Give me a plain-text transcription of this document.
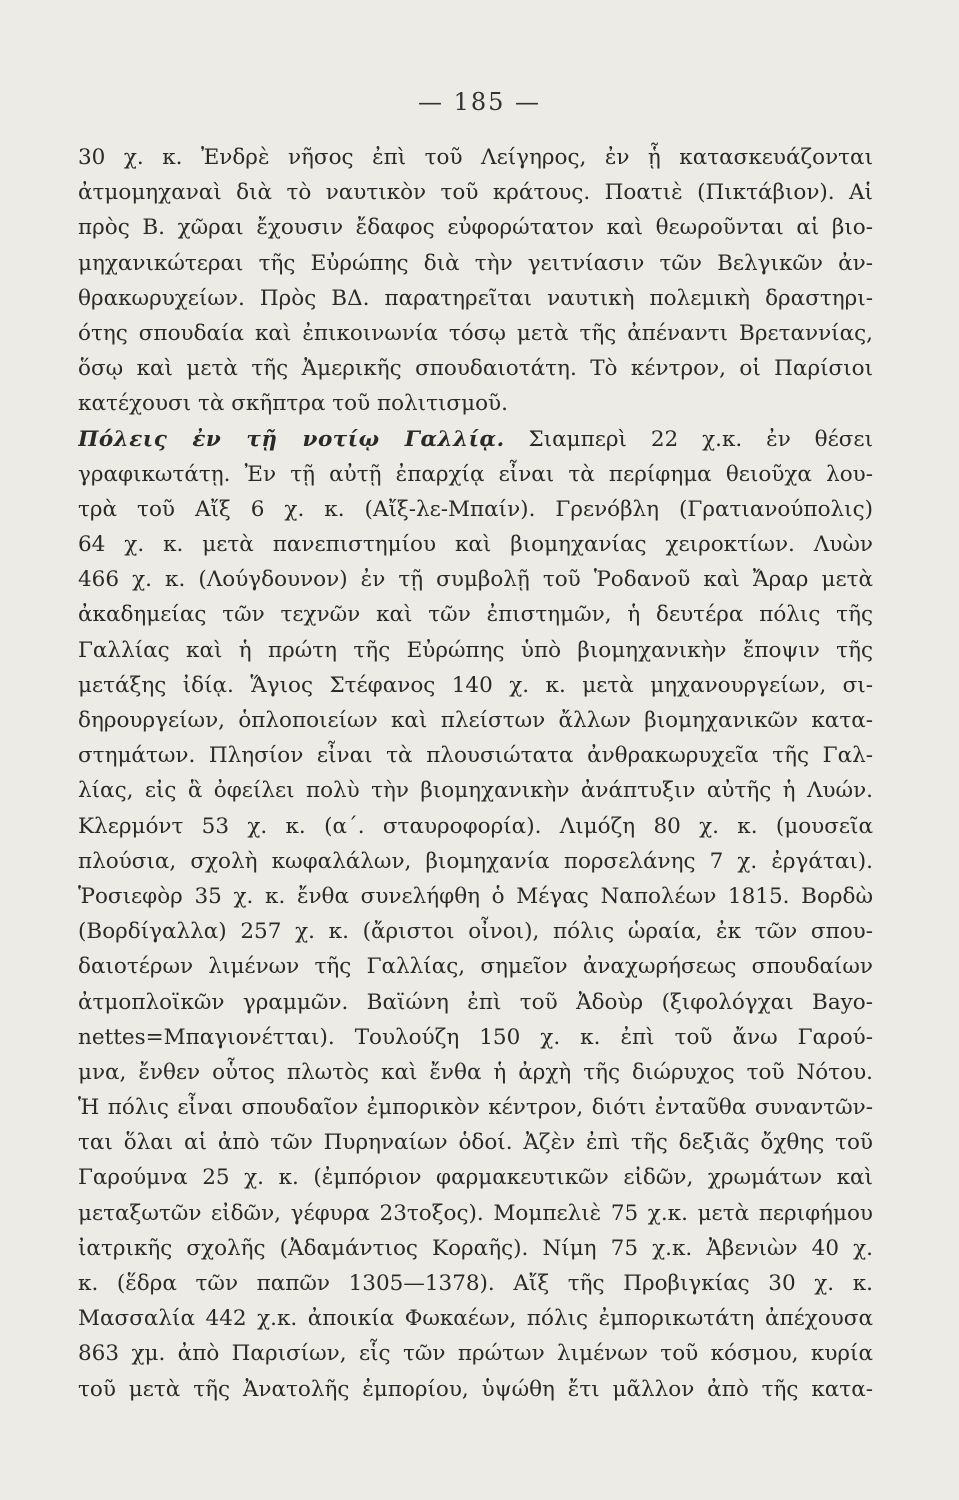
— 185 —
30 χ. κ. Ἐνδρὲ νῆσος ἐπὶ τοῦ Λείγηρος, ἐν ᾗ κατασκευάζονται
ἀτμομηχαναὶ διὰ τὸ ναυτικὸν τοῦ κράτους. Ποατιὲ (Πικτάβιον). Αἱ
πρὸς Β. χῶραι ἔχουσιν ἔδαφος εὐφορώτατον καὶ θεωροῦνται αἱ βιο-
μηχανικώτεραι τῆς Εὐρώπης διὰ τὴν γειτνίασιν τῶν Βελγικῶν ἀν-
θρακωρυχείων. Πρὸς ΒΔ. παρατηρεῖται ναυτικὴ πολεμικὴ δραστηρι-
ότης σπουδαία καὶ ἐπικοινωνία τόσῳ μετὰ τῆς ἀπέναντι Βρεταννίας,
ὅσῳ καὶ μετὰ τῆς Ἀμερικῆς σπουδαιοτάτη. Τὸ κέντρον, οἱ Παρίσιοι
κατέχουσι τὰ σκῆπτρα τοῦ πολιτισμοῦ.
Πόλεις ἐν τῇ νοτίῳ Γαλλίᾳ. Σιαμπερὶ 22 χ.κ. ἐν θέσει
γραφικωτάτῃ. Ἐν τῇ αὐτῇ ἐπαρχίᾳ εἶναι τὰ περίφημα θειοῦχα λου-
τρὰ τοῦ Αἴξ 6 χ. κ. (Αἴξ-λε-Μπαίν). Γρενόβλη (Γρατιανούπολις)
64 χ. κ. μετὰ πανεπιστημίου καὶ βιομηχανίας χειροκτίων. Λυὼν
466 χ. κ. (Λούγδουνον) ἐν τῇ συμβολῇ τοῦ Ῥοδανοῦ καὶ Ἄραρ μετὰ
ἀκαδημείας τῶν τεχνῶν καὶ τῶν ἐπιστημῶν, ἡ δευτέρα πόλις τῆς
Γαλλίας καὶ ἡ πρώτη τῆς Εὐρώπης ὑπὸ βιομηχανικὴν ἔποψιν τῆς
μετάξης ἰδίᾳ. Ἅγιος Στέφανος 140 χ. κ. μετὰ μηχανουργείων, σι-
δηρουργείων, ὁπλοποιείων καὶ πλείστων ἄλλων βιομηχανικῶν κατα-
στημάτων. Πλησίον εἶναι τὰ πλουσιώτατα ἀνθρακωρυχεῖα τῆς Γαλ-
λίας, εἰς ἃ ὀφείλει πολὺ τὴν βιομηχανικὴν ἀνάπτυξιν αὐτῆς ἡ Λυών.
Κλερμόντ 53 χ. κ. (α΄. σταυροφορία). Λιμόζη 80 χ. κ. (μουσεῖα
πλούσια, σχολὴ κωφαλάλων, βιομηχανία πορσελάνης 7 χ. ἐργάται).
Ῥοσιεφὸρ 35 χ. κ. ἔνθα συνελήφθη ὁ Μέγας Ναπολέων 1815. Βορδὼ
(Βορδίγαλλα) 257 χ. κ. (ἄριστοι οἶνοι), πόλις ὡραία, ἐκ τῶν σπου-
δαιοτέρων λιμένων τῆς Γαλλίας, σημεῖον ἀναχωρήσεως σπουδαίων
ἀτμοπλοϊκῶν γραμμῶν. Βαϊώνη ἐπὶ τοῦ Ἀδοὺρ (ξιφολόγχαι Bayo-
nettes=Μπαγιονέτται). Τουλούζη 150 χ. κ. ἐπὶ τοῦ ἄνω Γαρού-
μνα, ἔνθεν οὗτος πλωτὸς καὶ ἔνθα ἡ ἀρχὴ τῆς διώρυχος τοῦ Νότου.
Ἡ πόλις εἶναι σπουδαῖον ἐμπορικὸν κέντρον, διότι ἐνταῦθα συναντῶν-
ται ὅλαι αἱ ἀπὸ τῶν Πυρηναίων ὁδοί. Ἀζὲν ἐπὶ τῆς δεξιᾶς ὄχθης τοῦ
Γαρούμνα 25 χ. κ. (ἐμπόριον φαρμακευτικῶν εἰδῶν, χρωμάτων καὶ
μεταξωτῶν εἰδῶν, γέφυρα 23τοξος). Μομπελιὲ 75 χ.κ. μετὰ περιφήμου
ἰατρικῆς σχολῆς (Ἀδαμάντιος Κοραῆς). Νίμη 75 χ.κ. Ἀβενιὼν 40 χ.
κ. (ἕδρα τῶν παπῶν 1305—1378). Αἴξ τῆς Προβιγκίας 30 χ. κ.
Μασσαλία 442 χ.κ. ἀποικία Φωκαέων, πόλις ἐμπορικωτάτη ἀπέχουσα
863 χμ. ἀπὸ Παρισίων, εἷς τῶν πρώτων λιμένων τοῦ κόσμου, κυρία
τοῦ μετὰ τῆς Ἀνατολῆς ἐμπορίου, ὑψώθη ἔτι μᾶλλον ἀπὸ τῆς κατα-
